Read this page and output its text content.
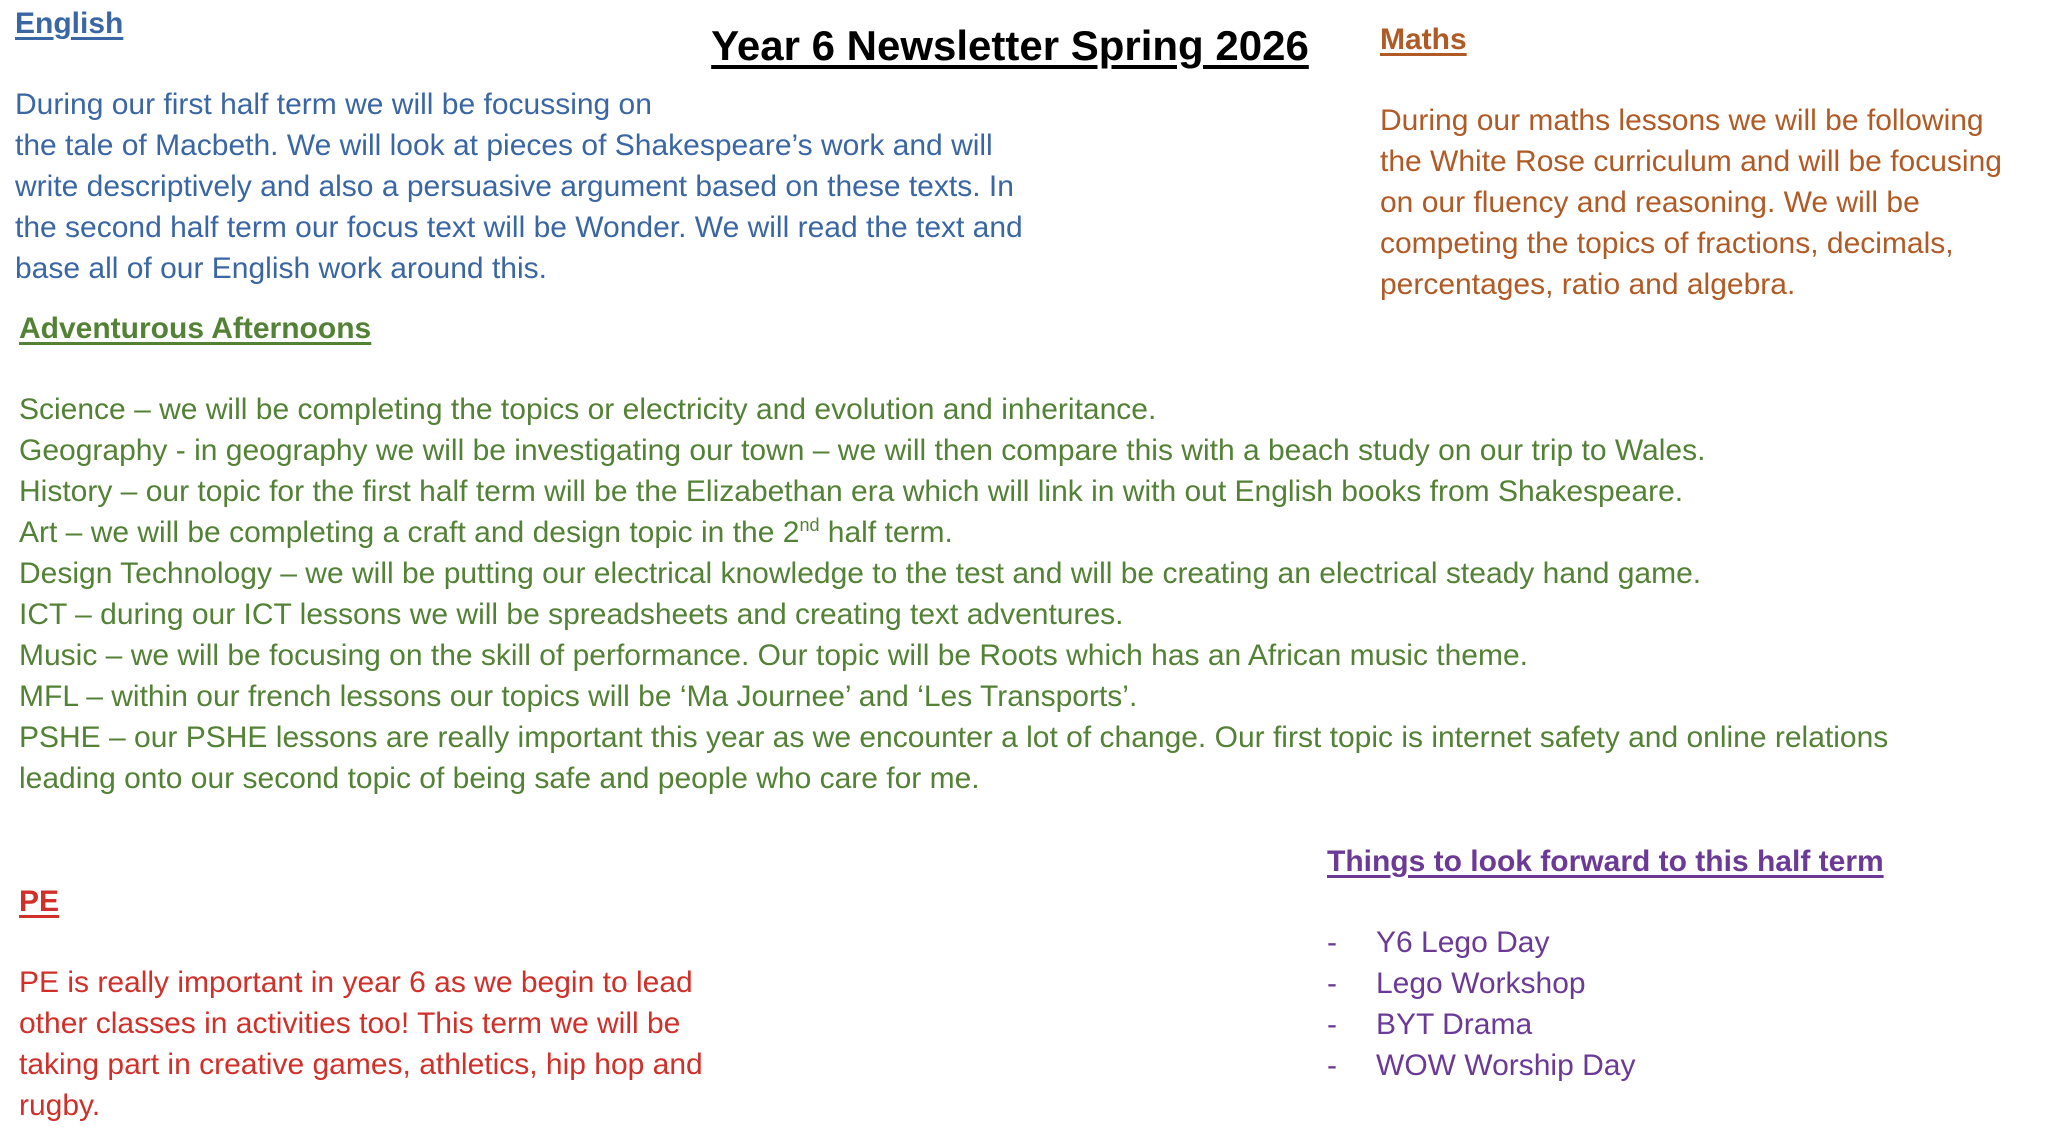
Year 6 Newsletter Spring 2026

English

During our first half term we will be focussing on
the tale of Macbeth. We will look at pieces of Shakespeare’s work and will
write descriptively and also a persuasive argument based on these texts. In
the second half term our focus text will be Wonder. We will read the text and
base all of our English work around this.

Maths

During our maths lessons we will be following
the White Rose curriculum and will be focusing
on our fluency and reasoning. We will be
competing the topics of fractions, decimals,
percentages, ratio and algebra.

Adventurous Afternoons

Science – we will be completing the topics or electricity and evolution and inheritance.
Geography - in geography we will be investigating our town – we will then compare this with a beach study on our trip to Wales.
History – our topic for the first half term will be the Elizabethan era which will link in with out English books from Shakespeare.
Art – we will be completing a craft and design topic in the 2nd half term.
Design Technology – we will be putting our electrical knowledge to the test and will be creating an electrical steady hand game.
ICT – during our ICT lessons we will be spreadsheets and creating text adventures.
Music – we will be focusing on the skill of performance. Our topic will be Roots which has an African music theme.
MFL – within our french lessons our topics will be ‘Ma Journee’ and ‘Les Transports’.
PSHE – our PSHE lessons are really important this year as we encounter a lot of change. Our first topic is internet safety and online relations
leading onto our second topic of being safe and people who care for me.

PE

PE is really important in year 6 as we begin to lead
other classes in activities too! This term we will be
taking part in creative games, athletics, hip hop and
rugby.

Things to look forward to this half term

-	Y6 Lego Day
-	Lego Workshop
-	BYT Drama
-	WOW Worship Day
